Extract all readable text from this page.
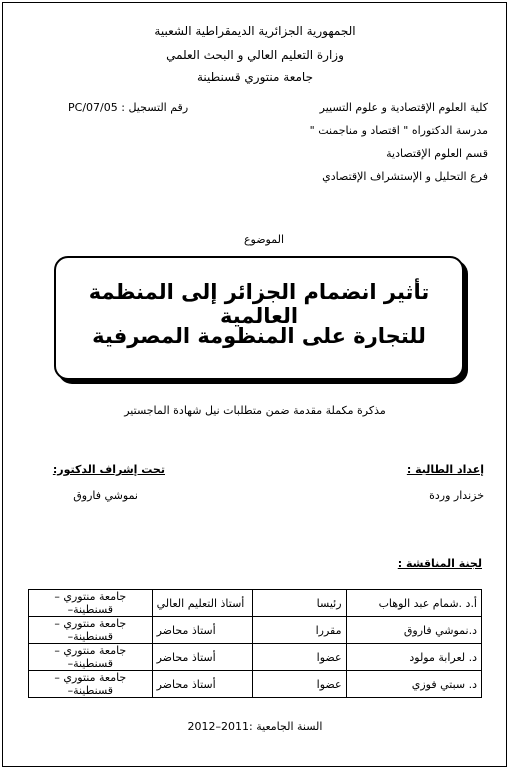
الجمهورية الجزائرية الديمقراطية الشعبية
وزارة التعليم العالي و البحث العلمي
جامعة منتوري قسنطينة
رقم التسجيل : 05/PC/07	كلية العلوم الإقتصادية و علوم التسيير
مدرسة الدكتوراه " اقتصاد و مناجمنت "
قسم العلوم الإقتصادية
فرع التحليل و الإستشراف الإقتصادي
الموضوع
تأثير انضمام الجزائر إلى المنظمة العالمية
للتجارة على المنظومة المصرفية
مذكرة مكملة مقدمة ضمن متطلبات نيل شهادة الماجستير
إعداد الطالبة :
خزندار وردة
تحت إشراف الدكتور:
نموشي فاروق
لجنة المناقشة :
أ.د .شمام عبد الوهاب	رئيسا	أستاذ التعليم العالي	جامعة منتوري –قسنطينة–
د.نموشي فاروق	مقررا	أستاذ محاضر	جامعة منتوري –قسنطينة–
د. لعرابة مولود	عضوا	أستاذ محاضر	جامعة منتوري –قسنطينة–
د. سبتي فوزي	عضوا	أستاذ محاضر	جامعة منتوري –قسنطينة–
السنة الجامعية :2011–2012
